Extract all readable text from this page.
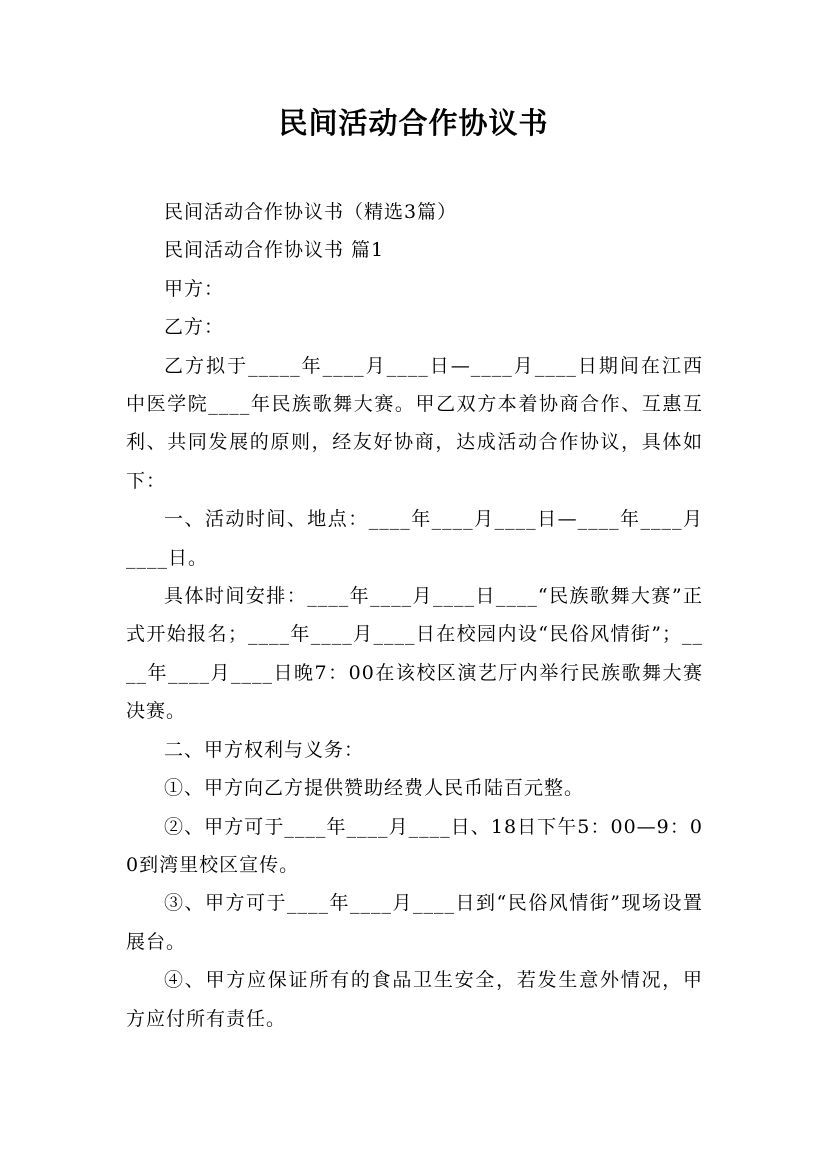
民间活动合作协议书

民间活动合作协议书（精选3篇）

民间活动合作协议书 篇1

甲方：

乙方：

乙方拟于_____年____月____日—____月____日期间在江西中医学院____年民族歌舞大赛。甲乙双方本着协商合作、互惠互利、共同发展的原则，经友好协商，达成活动合作协议，具体如下：

一、活动时间、地点：____年____月____日—____年____月____日。

具体时间安排：____年____月____日____“民族歌舞大赛”正式开始报名；____年____月____日在校园内设“民俗风情街”；____年____月____日晚7：00在该校区演艺厅内举行民族歌舞大赛决赛。

二、甲方权利与义务：

①、甲方向乙方提供赞助经费人民币陆百元整。

②、甲方可于____年____月____日、18日下午5：00—9：00到湾里校区宣传。

③、甲方可于____年____月____日到“民俗风情街”现场设置展台。

④、甲方应保证所有的食品卫生安全，若发生意外情况，甲方应付所有责任。
